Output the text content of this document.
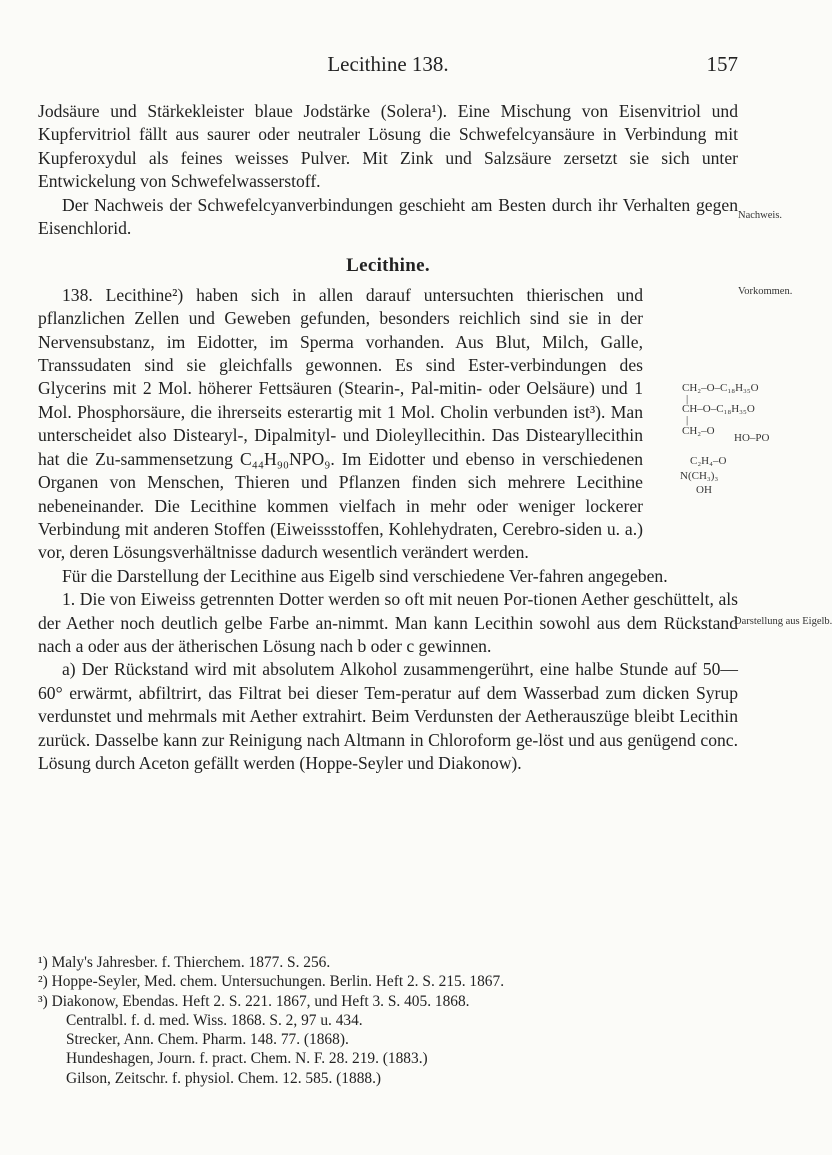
Lecithine 138.	157

Jodsäure und Stärkekleister blaue Jodstärke (Solera¹). Eine Mischung von Eisenvitriol und Kupfervitriol fällt aus saurer oder neutraler Lösung die Schwefelcyansäure in Verbindung mit Kupferoxydul als feines weisses Pulver. Mit Zink und Salzsäure zersetzt sie sich unter Entwickelung von Schwefelwasserstoff.

Der Nachweis der Schwefelcyanverbindungen geschieht am Besten durch ihr Verhalten gegen Eisenchlorid.

Lecithine.

138. Lecithine²) haben sich in allen darauf untersuchten thierischen und pflanzlichen Zellen und Geweben gefunden, besonders reichlich sind sie in der Nervensubstanz, im Eidotter, im Sperma vorhanden. Aus Blut, Milch, Galle, Transsudaten sind sie gleichfalls gewonnen. Es sind Ester-verbindungen des Glycerins mit 2 Mol. höherer Fettsäuren (Stearin-, Pal-mitin- oder Oelsäure) und 1 Mol. Phosphorsäure, die ihrerseits esterartig mit 1 Mol. Cholin verbunden ist³). Man unterscheidet also Distearyl-, Dipalmityl- und Dioleyllecithin. Das Distearyllecithin hat die Zu-sammensetzung C₄₄H₉₀NPO₉. Im Eidotter und ebenso in verschiedenen Organen von Menschen, Thieren und Pflanzen finden sich mehrere Lecithine nebeneinander. Die Lecithine kommen vielfach in mehr oder weniger lockerer Verbindung mit anderen Stoffen (Eiweissstoffen, Kohlehydraten, Cerebro-siden u. a.) vor, deren Lösungsverhältnisse dadurch wesentlich verändert werden.

Für die Darstellung der Lecithine aus Eigelb sind verschiedene Ver-fahren angegeben.

1. Die von Eiweiss getrennten Dotter werden so oft mit neuen Por-tionen Aether geschüttelt, als der Aether noch deutlich gelbe Farbe an-nimmt. Man kann Lecithin sowohl aus dem Rückstand nach a oder aus der ätherischen Lösung nach b oder c gewinnen.

a) Der Rückstand wird mit absolutem Alkohol zusammengerührt, eine halbe Stunde auf 50—60° erwärmt, abfiltrirt, das Filtrat bei dieser Tem-peratur auf dem Wasserbad zum dicken Syrup verdunstet und mehrmals mit Aether extrahirt. Beim Verdunsten der Aetherauszüge bleibt Lecithin zurück. Dasselbe kann zur Reinigung nach Altmann in Chloroform ge-löst und aus genügend conc. Lösung durch Aceton gefällt werden (Hoppe-Seyler und Diakonow).

Nachweis.
Vorkommen.
Darstellung aus Eigelb.
CH₂–O–C₁₈H₃₅O
|
CH–O–C₁₈H₃₅O
|
CH₂–O
HO–PO
C₂H₄–O
N(CH₃)₃
OH

¹) Maly's Jahresber. f. Thierchem. 1877. S. 256.

²) Hoppe-Seyler, Med. chem. Untersuchungen. Berlin. Heft 2. S. 215. 1867.

³) Diakonow, Ebendas. Heft 2. S. 221. 1867, und Heft 3. S. 405. 1868.

Centralbl. f. d. med. Wiss. 1868. S. 2, 97 u. 434.

Strecker, Ann. Chem. Pharm. 148. 77. (1868).

Hundeshagen, Journ. f. pract. Chem. N. F. 28. 219. (1883.)

Gilson, Zeitschr. f. physiol. Chem. 12. 585. (1888.)
